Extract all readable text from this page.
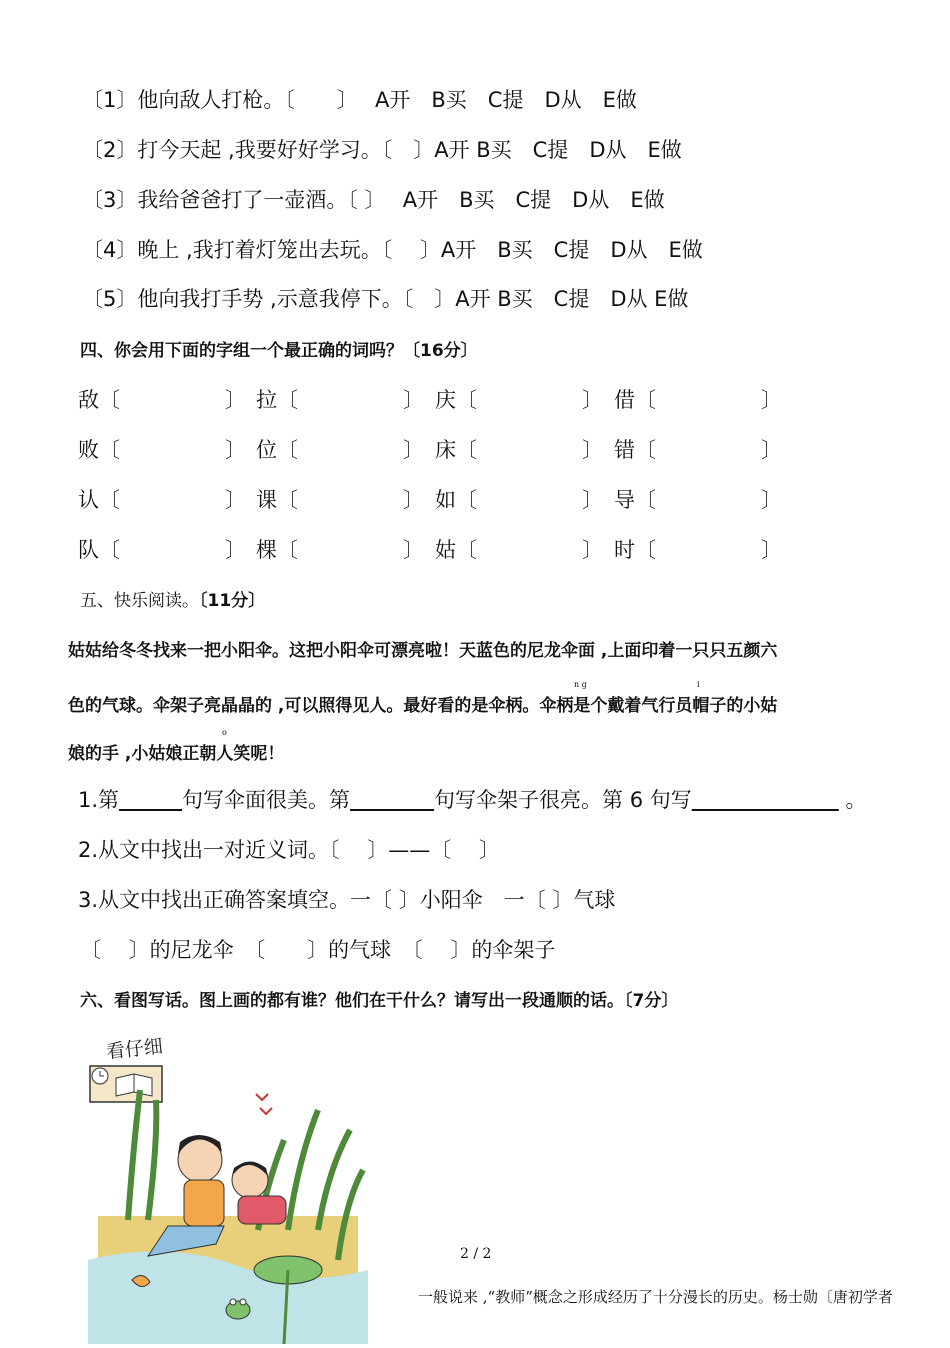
〔1〕他向敌人打枪。〔　　〕　 A开　B买　C提　D从　E做
〔2〕打今天起 ,我要好好学习。〔　〕A开 B买　C提　D从　E做
〔3〕我给爸爸打了一壶酒。〔 〕　 A开　B买　C提　D从　E做
〔4〕晚上 ,我打着灯笼出去玩。〔　 〕A开　B买　C提　D从　E做
〔5〕他向我打手势 ,示意我停下。〔　〕A开 B买　C提　D从 E做
四、你会用下面的字组一个最正确的词吗？〔16分〕
敌〔　　　　　〕 拉〔　　　　　〕 庆〔　　　　　〕 借〔　　　　　〕
败〔　　　　　〕 位〔　　　　　〕 床〔　　　　　〕 错〔　　　　　〕
认〔　　　　　〕 课〔　　　　　〕 如〔　　　　　〕 导〔　　　　　〕
队〔　　　　　〕 棵〔　　　　　〕 姑〔　　　　　〕 时〔　　　　　〕
五、快乐阅读。〔11分〕
姑姑给冬冬找来一把小阳伞。这把小阳伞可漂亮啦！天蓝色的尼龙伞面 ,上面印着一只只五颜六
n g	i
色的气球。伞架子亮晶晶的 ,可以照得见人。最好看的是伞柄。伞柄是个戴着气行员帽子的小姑
o
娘的手 ,小姑娘正朝人笑呢！
1.第　　　	句写伞面很美。第　　　　	句写伞架子很亮。第 6 句写　　　　　　　	。
2.从文中找出一对近义词。〔　 〕——〔　 〕
3.从文中找出正确答案填空。一〔 〕小阳伞　一〔 〕气球
〔　 〕的尼龙伞　〔　　〕的气球　〔　 〕的伞架子
六、看图写话。图上画的都有谁？他们在干什么？请写出一段通顺的话。〔7分〕
看仔细
2 / 2
一般说来 ,“教师”概念之形成经历了十分漫长的历史。杨士勋〔唐初学者
